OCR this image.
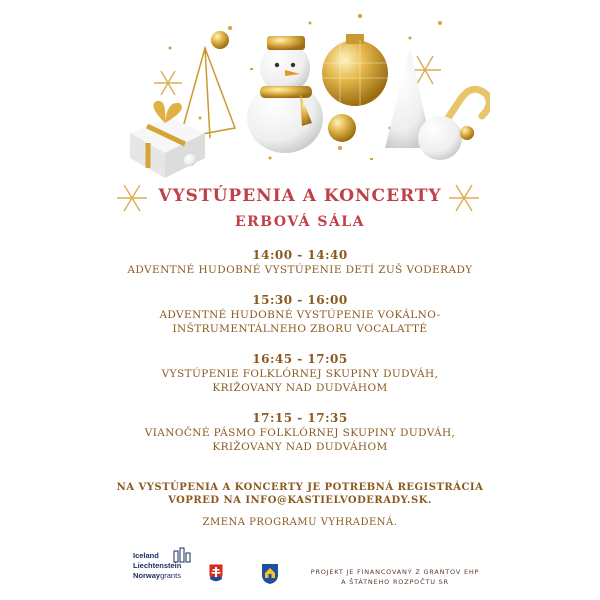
VYSTÚPENIA A KONCERTY
ERBOVÁ SÁLA
14:00 - 14:40
ADVENTNÉ HUDOBNÉ VYSTÚPENIE DETÍ ZUŠ VODERADY
15:30 - 16:00
ADVENTNÉ HUDOBNÉ VYSTÚPENIE VOKÁLNO-
INŠTRUMENTÁLNEHO ZBORU VOCALATTÉ
16:45 - 17:05
VYSTÚPENIE FOLKLÓRNEJ SKUPINY DUDVÁH,
KRIŽOVANY NAD DUDVÁHOM
17:15 - 17:35
VIANOČNÉ PÁSMO FOLKLÓRNEJ SKUPINY DUDVÁH,
KRIŽOVANY NAD DUDVÁHOM
NA VYSTÚPENIA A KONCERTY JE POTREBNÁ REGISTRÁCIA
VOPRED NA INFO@KASTIELVODERADY.SK.
ZMENA PROGRAMU VYHRADENÁ.
Iceland
Liechtenstein
Norwaygrants	PROJEKT JE FINANCOVANÝ Z GRANTOV EHP
A ŠTÁTNEHO ROZPOČTU SR
